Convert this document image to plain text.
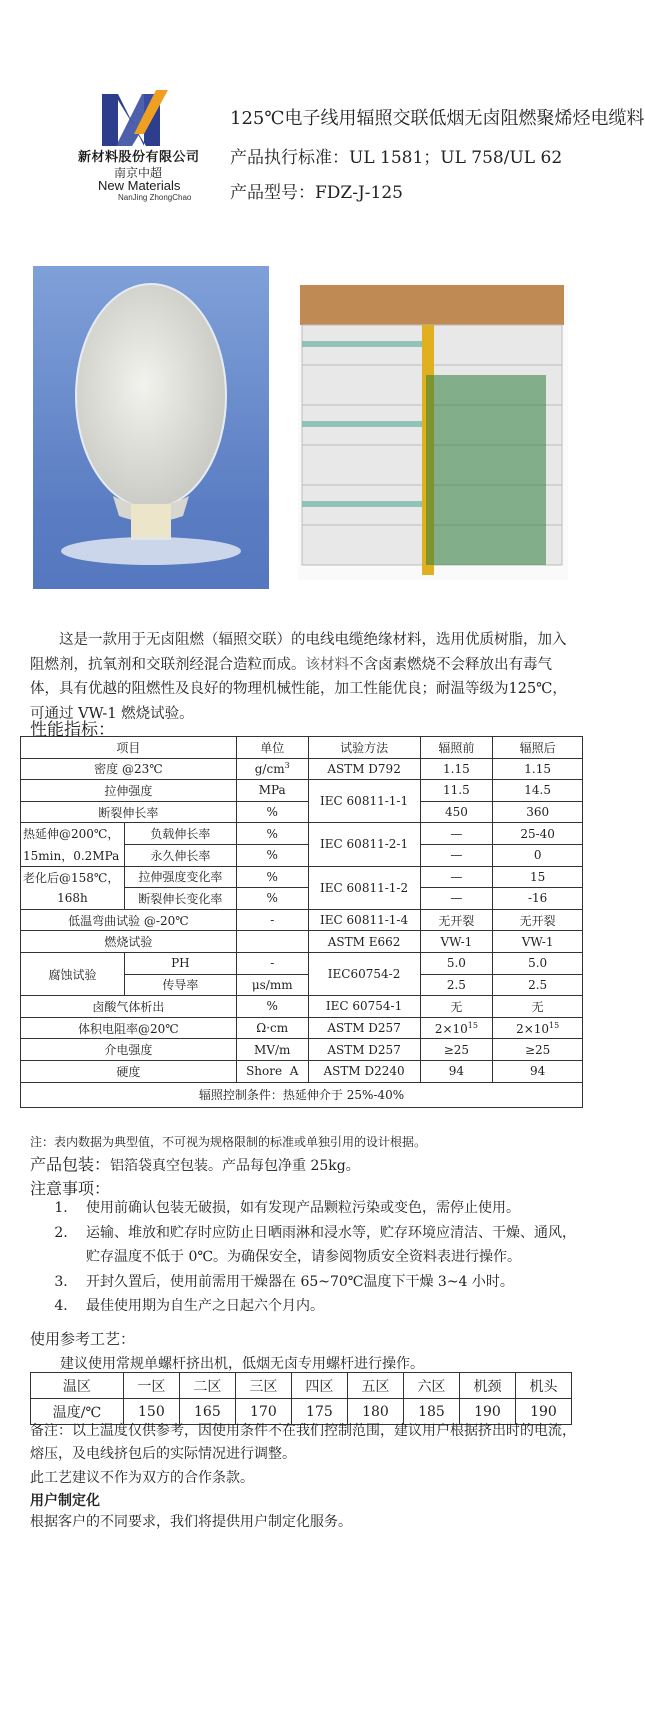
新材料股份有限公司
南京中超
New Materials
NanJing ZhongChao
125℃电子线用辐照交联低烟无卤阻燃聚烯烃电缆料
产品执行标准：UL 1581；UL 758/UL 62
产品型号：FDZ-J-125
这是一款用于无卤阻燃（辐照交联）的电线电缆绝缘材料，选用优质树脂，加入阻燃剂，抗氧剂和交联剂经混合造粒而成。该材料不含卤素燃烧不会释放出有毒气体，具有优越的阻燃性及良好的物理机械性能，加工性能优良；耐温等级为125℃，可通过 VW-1 燃烧试验。
性能指标：
项目		单位	试验方法	辐照前	辐照后
密度 @23℃		$g/cm^3$	ASTM D792	1.15	1.15
拉伸强度		MPa	IEC 60811-1-1	11.5	14.5
断裂伸长率		%		450	360
热延伸@200℃，	负载伸长率	%	IEC 60811-2-1	—	25-40
15min，0.2MPa	永久伸长率	%		—	0
老化后@158℃，	拉伸强度变化率	%	IEC 60811-1-2	—	15
168h	断裂伸长变化率	%		—	-16
低温弯曲试验 @-20℃		-	IEC 60811-1-4	无开裂	无开裂
燃烧试验			ASTM E662	VW-1	VW-1
腐蚀试验	PH	-	IEC60754-2	5.0	5.0
	传导率	μs/mm		2.5	2.5
卤酸气体析出		%	IEC 60754-1	无	无
体积电阻率@20℃		Ω·cm	ASTM D257	$2\times 10^{15}$	$2\times 10^{15}$
介电强度		MV/m	ASTM D257	≥25	≥25
硬度		Shore  A	ASTM D2240	94	94
辐照控制条件：热延伸介于 25%-40%					
注：表内数据为典型值，不可视为规格限制的标准或单独引用的设计根据。
产品包装：铝箔袋真空包装。产品每包净重 25kg。
注意事项：
1.	使用前确认包装无破损，如有发现产品颗粒污染或变色，需停止使用。
2.	运输、堆放和贮存时应防止日晒雨淋和浸水等，贮存环境应清洁、干燥、通风，贮存温度不低于 0℃。为确保安全，请参阅物质安全资料表进行操作。
3.	开封久置后，使用前需用干燥器在 65~70℃温度下干燥 3~4 小时。
4.	最佳使用期为自生产之日起六个月内。
使用参考工艺：
建议使用常规单螺杆挤出机，低烟无卤专用螺杆进行操作。
温区	一区	二区	三区	四区	五区	六区	机颈	机头
温度/℃	150	165	170	175	180	185	190	190
备注：以上温度仅供参考，因使用条件不在我们控制范围，建议用户根据挤出时的电流，熔压，及电线挤包后的实际情况进行调整。
此工艺建议不作为双方的合作条款。
用户制定化
根据客户的不同要求，我们将提供用户制定化服务。
